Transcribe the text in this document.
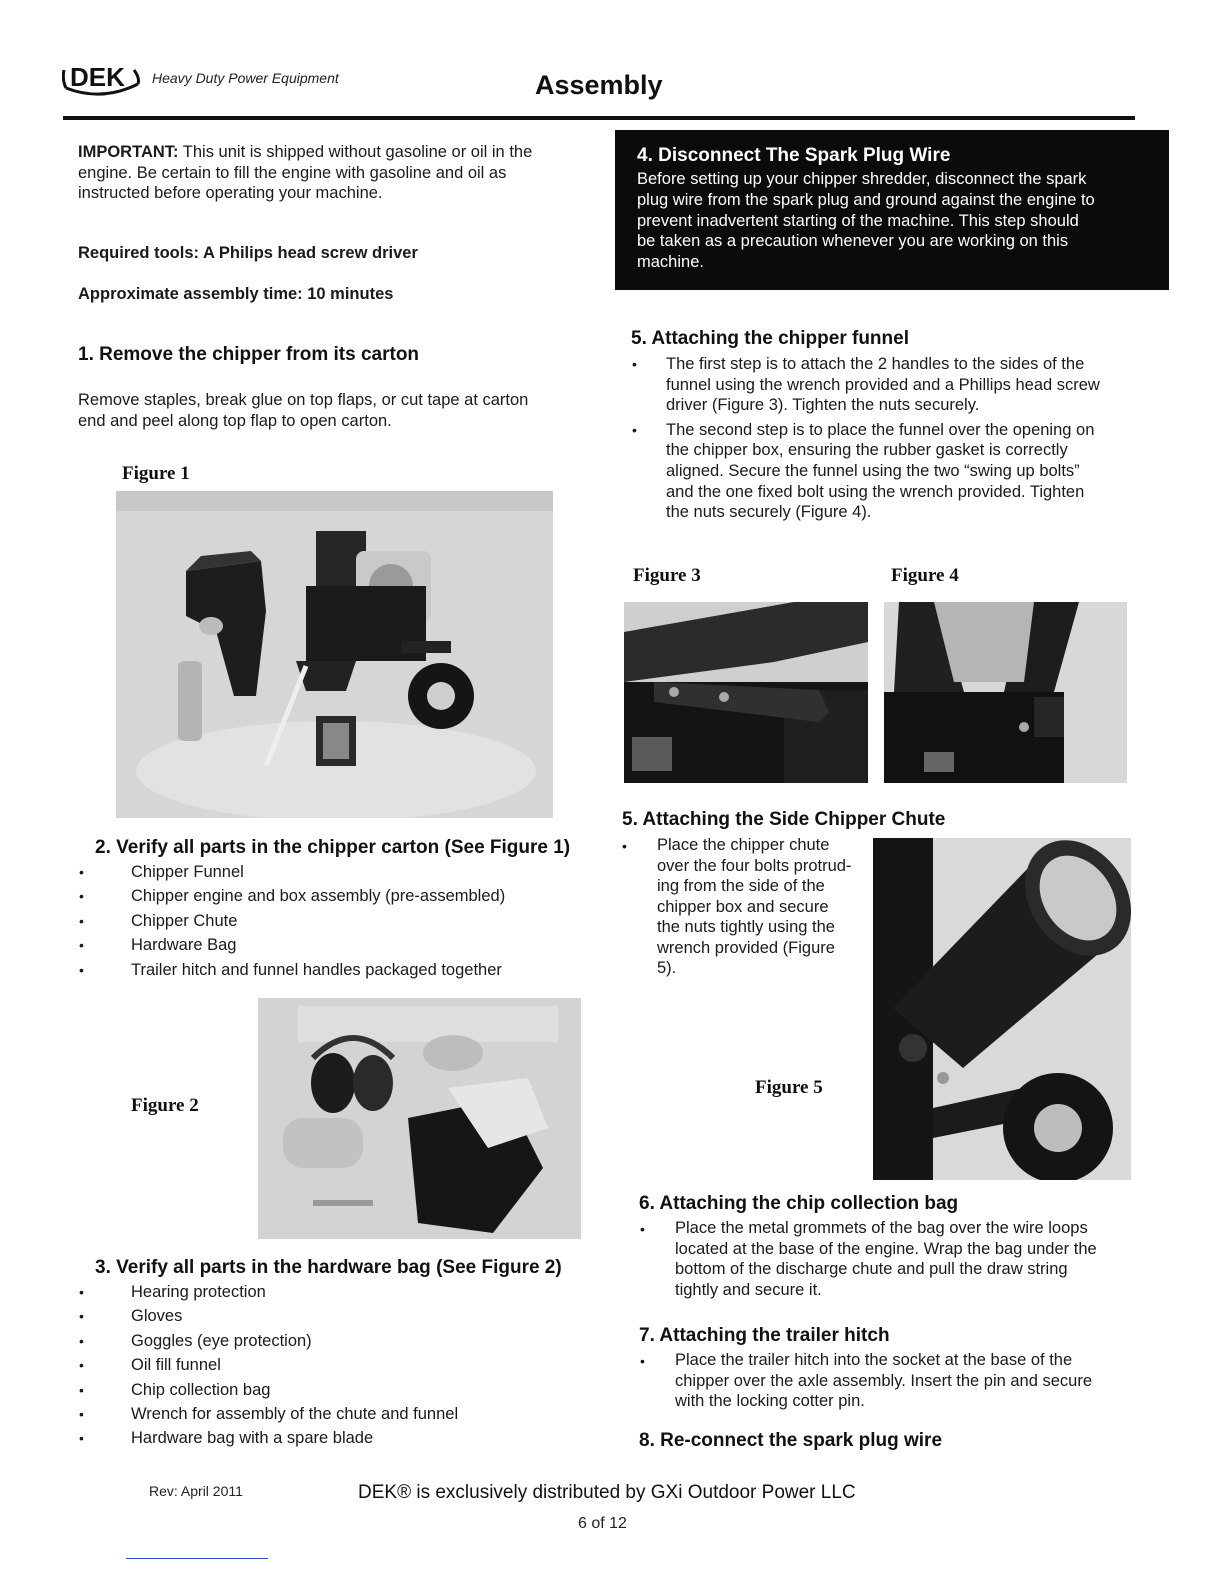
DEK Heavy Duty Power Equipment	Assembly
IMPORTANT: This unit is shipped without gasoline or oil in the
engine. Be certain to fill the engine with gasoline and oil as
instructed before operating your machine.
Required tools: A Philips head screw driver
Approximate assembly time: 10 minutes
1. Remove the chipper from its carton
Remove staples, break glue on top flaps, or cut tape at carton
end and peel along top flap to open carton.
Figure 1
2. Verify all parts in the chipper carton (See Figure 1)
• Chipper Funnel
• Chipper engine and box assembly (pre-assembled)
• Chipper Chute
• Hardware Bag
• Trailer hitch and funnel handles packaged together
Figure 2
3. Verify all parts in the hardware bag (See Figure 2)
• Hearing protection
• Gloves
• Goggles (eye protection)
• Oil fill funnel
• Chip collection bag
• Wrench for assembly of the chute and funnel
• Hardware bag with a spare blade
4. Disconnect The Spark Plug Wire
Before setting up your chipper shredder, disconnect the spark
plug wire from the spark plug and ground against the engine to
prevent inadvertent starting of the machine. This step should
be taken as a precaution whenever you are working on this
machine.
5. Attaching the chipper funnel
• The first step is to attach the 2 handles to the sides of the
funnel using the wrench provided and a Phillips head screw
driver (Figure 3). Tighten the nuts securely.
• The second step is to place the funnel over the opening on
the chipper box, ensuring the rubber gasket is correctly
aligned. Secure the funnel using the two “swing up bolts”
and the one fixed bolt using the wrench provided. Tighten
the nuts securely (Figure 4).
Figure 3	Figure 4
5. Attaching the Side Chipper Chute
• Place the chipper chute
over the four bolts protrud-
ing from the side of the
chipper box and secure
the nuts tightly using the
wrench provided (Figure
5).
Figure 5
6. Attaching the chip collection bag
• Place the metal grommets of the bag over the wire loops
located at the base of the engine. Wrap the bag under the
bottom of the discharge chute and pull the draw string
tightly and secure it.
7. Attaching the trailer hitch
• Place the trailer hitch into the socket at the base of the
chipper over the axle assembly. Insert the pin and secure
with the locking cotter pin.
8. Re-connect the spark plug wire
Rev: April 2011	DEK® is exclusively distributed by GXi Outdoor Power LLC
6 of 12
